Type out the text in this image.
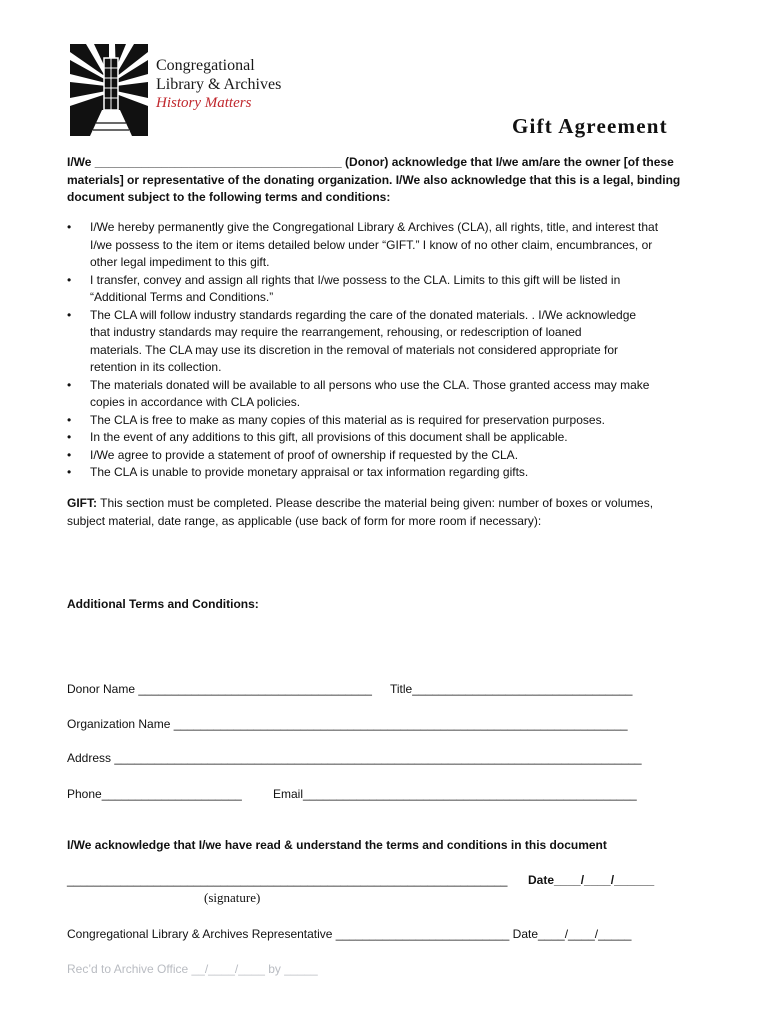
Congregational
Library & Archives
History Matters
Gift Agreement
I/We _____________________________________ (Donor) acknowledge that I/we am/are the owner [of these
materials] or representative of the donating organization. I/We also acknowledge that this is a legal, binding
document subject to the following terms and conditions:
• I/We hereby permanently give the Congregational Library & Archives (CLA), all rights, title, and interest that
I/we possess to the item or items detailed below under “GIFT.” I know of no other claim, encumbrances, or
other legal impediment to this gift.
• I transfer, convey and assign all rights that I/we possess to the CLA. Limits to this gift will be listed in
“Additional Terms and Conditions.”
• The CLA will follow industry standards regarding the care of the donated materials. . I/We acknowledge
that industry standards may require the rearrangement, rehousing, or redescription of loaned
materials. The CLA may use its discretion in the removal of materials not considered appropriate for
retention in its collection.
• The materials donated will be available to all persons who use the CLA. Those granted access may make
copies in accordance with CLA policies.
• The CLA is free to make as many copies of this material as is required for preservation purposes.
• In the event of any additions to this gift, all provisions of this document shall be applicable.
• I/We agree to provide a statement of proof of ownership if requested by the CLA.
• The CLA is unable to provide monetary appraisal or tax information regarding gifts.
GIFT: This section must be completed. Please describe the material being given: number of boxes or volumes,
subject material, date range, as applicable (use back of form for more room if necessary):
Additional Terms and Conditions:
Donor Name ___________________________________ Title_________________________________
Organization Name ____________________________________________________________________
Address _______________________________________________________________________________
Phone_____________________	Email__________________________________________________
I/We acknowledge that I/we have read & understand the terms and conditions in this document
__________________________________________________________________ Date____/____/______
(signature)
Congregational Library & Archives Representative __________________________ Date____/____/_____
Rec’d to Archive Office __/____/____ by _____
